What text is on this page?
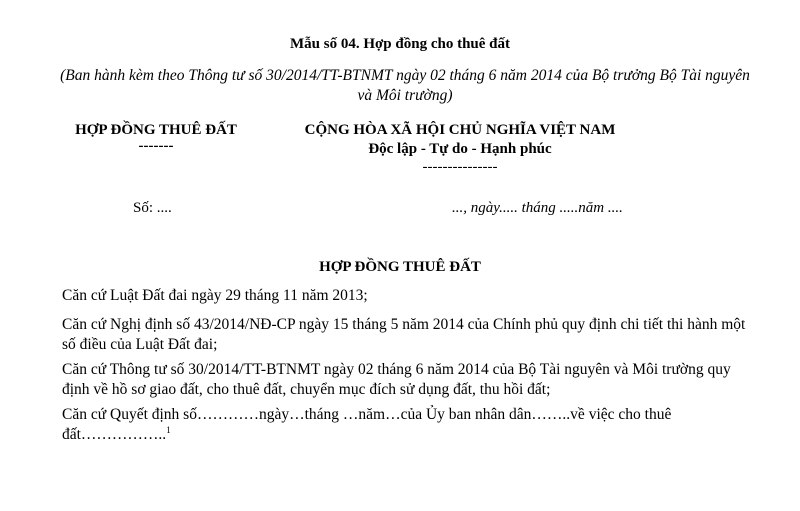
Mẫu số 04. Hợp đồng cho thuê đất
(Ban hành kèm theo Thông tư số 30/2014/TT-BTNMT ngày 02 tháng 6 năm 2014 của Bộ trưởng Bộ Tài nguyên và Môi trường)
HỢP ĐỒNG THUÊ ĐẤT
-------
CỘNG HÒA XÃ HỘI CHỦ NGHĨA VIỆT NAM
Độc lập - Tự do - Hạnh phúc
---------------
Số: ....	..., ngày..... tháng .....năm ....
HỢP ĐỒNG THUÊ ĐẤT
Căn cứ Luật Đất đai ngày 29 tháng 11 năm 2013;
Căn cứ Nghị định số 43/2014/NĐ-CP ngày 15 tháng 5 năm 2014 của Chính phủ quy định chi tiết thi hành một số điều của Luật Đất đai;
Căn cứ Thông tư số 30/2014/TT-BTNMT ngày 02 tháng 6 năm 2014 của Bộ Tài nguyên và Môi trường quy định về hồ sơ giao đất, cho thuê đất, chuyển mục đích sử dụng đất, thu hồi đất;
Căn cứ Quyết định số…………ngày…tháng …năm…của Ủy ban nhân dân……..về việc cho thuê đất……………..$^1$
